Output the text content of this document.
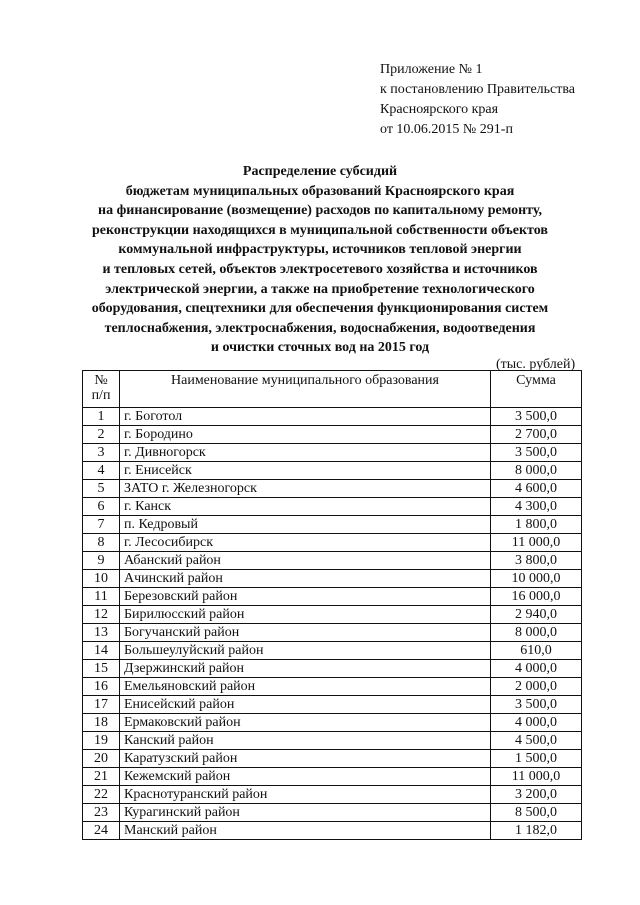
Приложение № 1
к постановлению Правительства
Красноярского края
от 10.06.2015 № 291-п
Распределение субсидий
бюджетам муниципальных образований Красноярского края
на финансирование (возмещение) расходов по капитальному ремонту,
реконструкции находящихся в муниципальной собственности объектов
коммунальной инфраструктуры, источников тепловой энергии
и тепловых сетей, объектов электросетевого хозяйства и источников
электрической энергии, а также на приобретение технологического
оборудования, спецтехники для обеспечения функционирования систем
теплоснабжения, электроснабжения, водоснабжения, водоотведения
и очистки сточных вод на 2015 год
(тыс. рублей)
№
п/п	Наименование муниципального образования	Сумма
1	г. Боготол	3 500,0
2	г. Бородино	2 700,0
3	г. Дивногорск	3 500,0
4	г. Енисейск	8 000,0
5	ЗАТО г. Железногорск	4 600,0
6	г. Канск	4 300,0
7	п. Кедровый	1 800,0
8	г. Лесосибирск	11 000,0
9	Абанский район	3 800,0
10	Ачинский район	10 000,0
11	Березовский район	16 000,0
12	Бирилюсский район	2 940,0
13	Богучанский район	8 000,0
14	Большеулуйский район	610,0
15	Дзержинский район	4 000,0
16	Емельяновский район	2 000,0
17	Енисейский район	3 500,0
18	Ермаковский район	4 000,0
19	Канский район	4 500,0
20	Каратузский район	1 500,0
21	Кежемский район	11 000,0
22	Краснотуранский район	3 200,0
23	Курагинский район	8 500,0
24	Манский район	1 182,0
